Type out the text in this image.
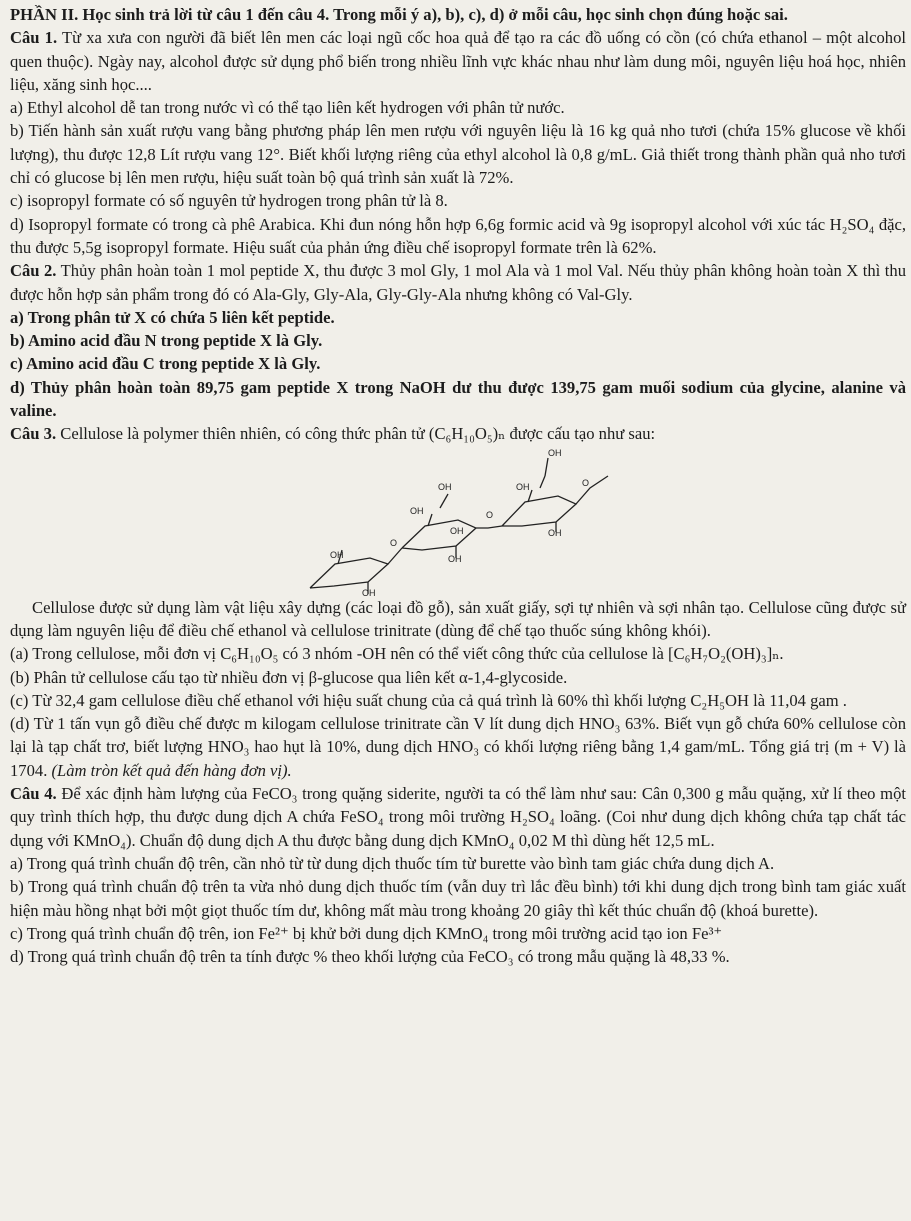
PHẦN II. Học sinh trả lời từ câu 1 đến câu 4. Trong mỗi ý a), b), c), d) ở mỗi câu, học sinh chọn đúng hoặc sai.

Câu 1. Từ xa xưa con người đã biết lên men các loại ngũ cốc hoa quả để tạo ra các đồ uống có cồn (có chứa ethanol – một alcohol quen thuộc). Ngày nay, alcohol được sử dụng phổ biến trong nhiều lĩnh vực khác nhau như làm dung môi, nguyên liệu hoá học, nhiên liệu, xăng sinh học....

a) Ethyl alcohol dễ tan trong nước vì có thể tạo liên kết hydrogen với phân tử nước.

b) Tiến hành sản xuất rượu vang bằng phương pháp lên men rượu với nguyên liệu là 16 kg quả nho tươi (chứa 15% glucose về khối lượng), thu được 12,8 Lít rượu vang 12°. Biết khối lượng riêng của ethyl alcohol là 0,8 g/mL. Giả thiết trong thành phần quả nho tươi chỉ có glucose bị lên men rượu, hiệu suất toàn bộ quá trình sản xuất là 72%.

c) isopropyl formate có số nguyên tử hydrogen trong phân tử là 8.

d) Isopropyl formate có trong cà phê Arabica. Khi đun nóng hỗn hợp 6,6g formic acid và 9g isopropyl alcohol với xúc tác H₂SO₄ đặc, thu được 5,5g isopropyl formate. Hiệu suất của phản ứng điều chế isopropyl formate trên là 62%.

Câu 2. Thủy phân hoàn toàn 1 mol peptide X, thu được 3 mol Gly, 1 mol Ala và 1 mol Val. Nếu thủy phân không hoàn toàn X thì thu được hỗn hợp sản phẩm trong đó có Ala-Gly, Gly-Ala, Gly-Gly-Ala nhưng không có Val-Gly.

a) Trong phân tử X có chứa 5 liên kết peptide.

b) Amino acid đầu N trong peptide X là Gly.

c) Amino acid đầu C trong peptide X là Gly.

d) Thủy phân hoàn toàn 89,75 gam peptide X trong NaOH dư thu được 139,75 gam muối sodium của glycine, alanine và valine.

Câu 3. Cellulose là polymer thiên nhiên, có công thức phân tử (C₆H₁₀O₅)ₙ được cấu tạo như sau:

OH
OH
OH
OH
OH
OH
OH
OH
OH
O
O
O

Cellulose được sử dụng làm vật liệu xây dựng (các loại đồ gỗ), sản xuất giấy, sợi tự nhiên và sợi nhân tạo. Cellulose cũng được sử dụng làm nguyên liệu để điều chế ethanol và cellulose trinitrate (dùng để chế tạo thuốc súng không khói).

(a) Trong cellulose, mỗi đơn vị C₆H₁₀O₅ có 3 nhóm -OH nên có thể viết công thức của cellulose là [C₆H₇O₂(OH)₃]ₙ.

(b) Phân tử cellulose cấu tạo từ nhiều đơn vị β-glucose qua liên kết α-1,4-glycoside.

(c) Từ 32,4 gam cellulose điều chế ethanol với hiệu suất chung của cả quá trình là 60% thì khối lượng C₂H₅OH là 11,04 gam .

(d) Từ 1 tấn vụn gỗ điều chế được m kilogam cellulose trinitrate cần V lít dung dịch HNO₃ 63%. Biết vụn gỗ chứa 60% cellulose còn lại là tạp chất trơ, biết lượng HNO₃ hao hụt là 10%, dung dịch HNO₃ có khối lượng riêng bằng 1,4 gam/mL. Tổng giá trị (m + V) là 1704. (Làm tròn kết quả đến hàng đơn vị).

Câu 4. Để xác định hàm lượng của FeCO₃ trong quặng siderite, người ta có thể làm như sau: Cân 0,300 g mẫu quặng, xử lí theo một quy trình thích hợp, thu được dung dịch A chứa FeSO₄ trong môi trường H₂SO₄ loãng. (Coi như dung dịch không chứa tạp chất tác dụng với KMnO₄). Chuẩn độ dung dịch A thu được bằng dung dịch KMnO₄ 0,02 M thì dùng hết 12,5 mL.

a) Trong quá trình chuẩn độ trên, cần nhỏ từ từ dung dịch thuốc tím từ burette vào bình tam giác chứa dung dịch A.

b) Trong quá trình chuẩn độ trên ta vừa nhỏ dung dịch thuốc tím (vẫn duy trì lắc đều bình) tới khi dung dịch trong bình tam giác xuất hiện màu hồng nhạt bởi một giọt thuốc tím dư, không mất màu trong khoảng 20 giây thì kết thúc chuẩn độ (khoá burette).

c) Trong quá trình chuẩn độ trên, ion Fe²⁺ bị khử bởi dung dịch KMnO₄ trong môi trường acid tạo ion Fe³⁺

d) Trong quá trình chuẩn độ trên ta tính được % theo khối lượng của FeCO₃ có trong mẫu quặng là 48,33 %.
